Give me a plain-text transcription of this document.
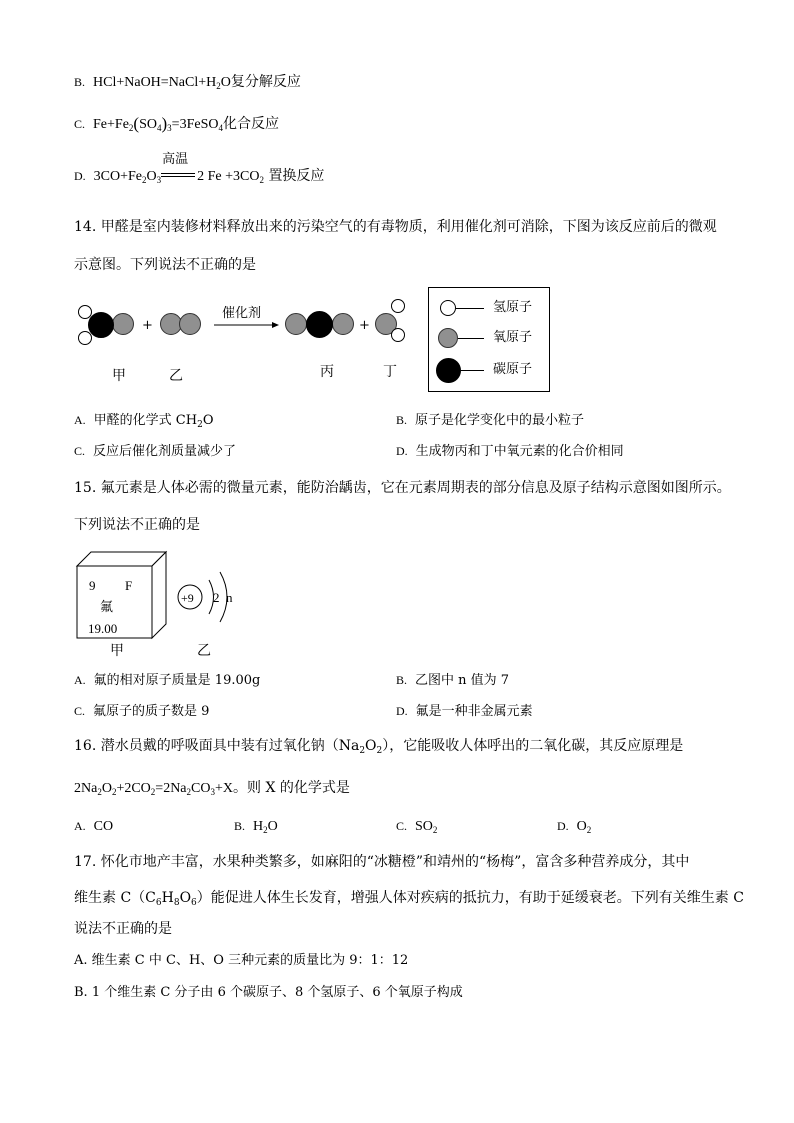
B. $HCl+NaOH=NaCl+H_2O$复分解反应
C. $Fe+Fe_2(SO_4)_3=3FeSO_4$化合反应
D. $3CO+Fe_2O_3$
高温
2 $Fe +3CO_2$ 置换反应
14. 甲醛是室内装修材料释放出来的污染空气的有毒物质，利用催化剂可消除，下图为该反应前后的微观
示意图。下列说法不正确的是
+
催化剂
+
甲	乙	丙	丁
氢原子
氧原子
碳原子
A. 甲醛的化学式 $CH_2O$	B. 原子是化学变化中的最小粒子
C. 反应后催化剂质量减少了	D. 生成物丙和丁中氧元素的化合价相同
15. 氟元素是人体必需的微量元素，能防治龋齿，它在元素周期表的部分信息及原子结构示意图如图所示。
下列说法不正确的是
9 F
氟
19.00
+9 2 n
甲	乙
A. 氟的相对原子质量是 19.00g	B. 乙图中 n 值为 7
C. 氟原子的质子数是 9	D. 氟是一种非金属元素
16. 潜水员戴的呼吸面具中装有过氧化钠$(Na_2O_2)$，它能吸收人体呼出的二氧化碳，其反应原理是
$2Na_2O_2+2CO_2=2Na_2CO_3+X$。则 X 的化学式是
A. CO	B. $H_2O$	C. $SO_2$	D. $O_2$
17. 怀化市地产丰富，水果种类繁多，如麻阳的“冰糖橙”和靖州的“杨梅”，富含多种营养成分，其中
维生素 $C(C_6H_8O_6)$能促进人体生长发育，增强人体对疾病的抵抗力，有助于延缓衰老。下列有关维生素 C
说法不正确的是
A. 维生素 C 中 C、H、O 三种元素的质量比为 9：1：12
B. 1 个维生素 C 分子由 6 个碳原子、8 个氢原子、6 个氧原子构成
